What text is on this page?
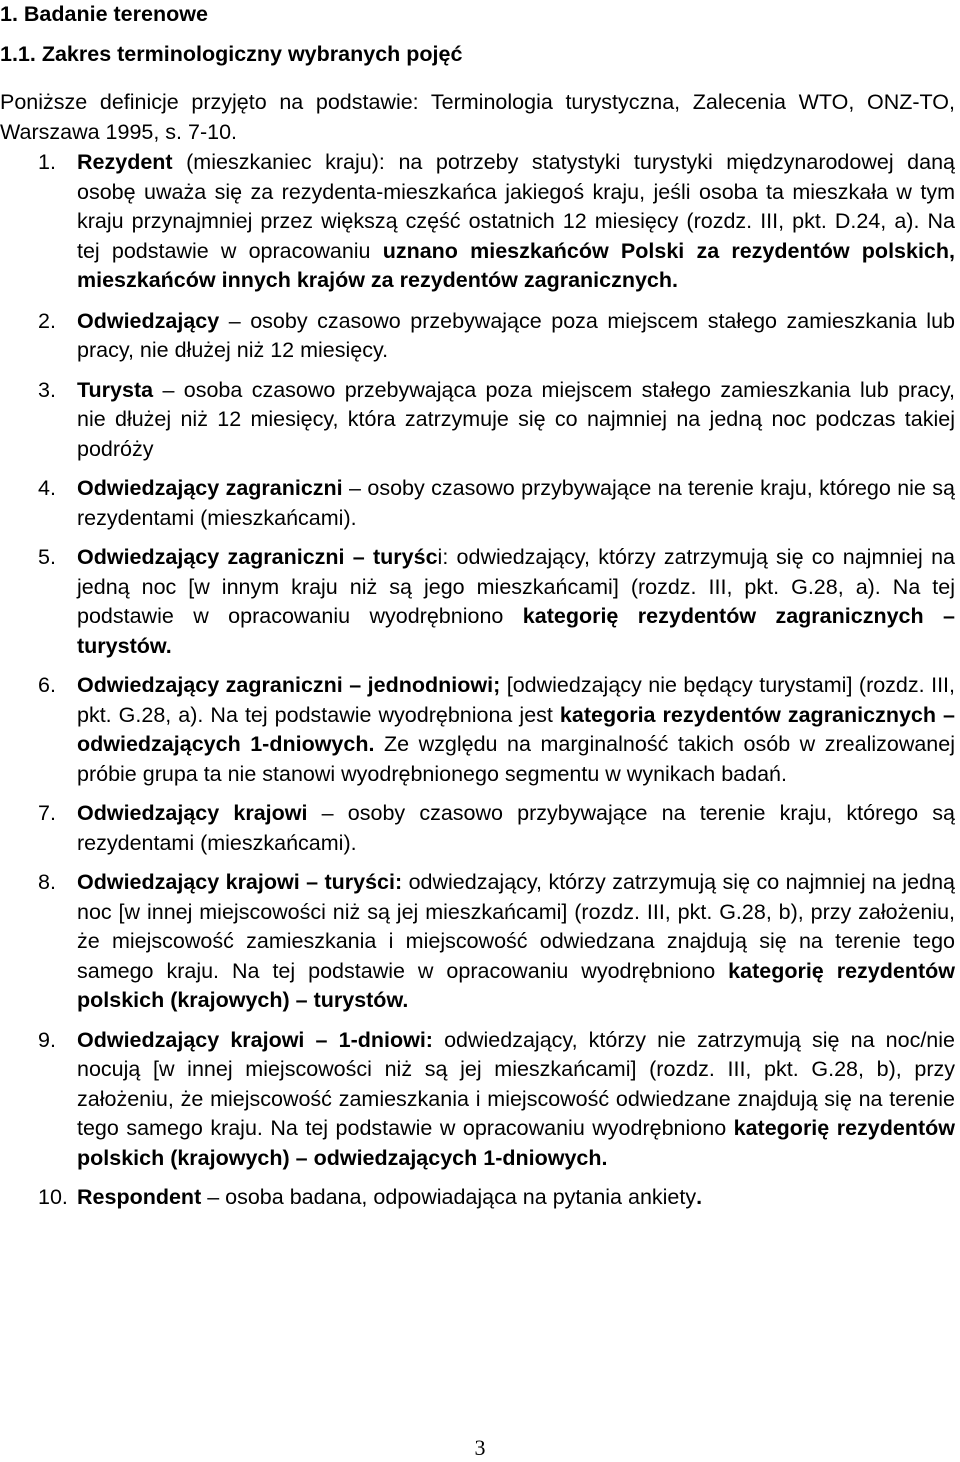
1. Badanie terenowe
1.1. Zakres terminologiczny wybranych pojęć

Poniższe definicje przyjęto na podstawie: Terminologia turystyczna, Zalecenia WTO, ONZ-TO, Warszawa 1995, s. 7-10.

1. Rezydent (mieszkaniec kraju): na potrzeby statystyki turystyki międzynarodowej daną osobę uważa się za rezydenta-mieszkańca jakiegoś kraju, jeśli osoba ta mieszkała w tym kraju przynajmniej przez większą część ostatnich 12 miesięcy (rozdz. III, pkt. D.24, a). Na tej podstawie w opracowaniu uznano mieszkańców Polski za rezydentów polskich, mieszkańców innych krajów za rezydentów zagranicznych.
2. Odwiedzający – osoby czasowo przebywające poza miejscem stałego zamieszkania lub pracy, nie dłużej niż 12 miesięcy.
3. Turysta – osoba czasowo przebywająca poza miejscem stałego zamieszkania lub pracy, nie dłużej niż 12 miesięcy, która zatrzymuje się co najmniej na jedną noc podczas takiej podróży
4. Odwiedzający zagraniczni – osoby czasowo przybywające na terenie kraju, którego nie są rezydentami (mieszkańcami).
5. Odwiedzający zagraniczni – turyści: odwiedzający, którzy zatrzymują się co najmniej na jedną noc [w innym kraju niż są jego mieszkańcami] (rozdz. III, pkt. G.28, a). Na tej podstawie w opracowaniu wyodrębniono kategorię rezydentów zagranicznych – turystów.
6. Odwiedzający zagraniczni – jednodniowi; [odwiedzający nie będący turystami] (rozdz. III, pkt. G.28, a). Na tej podstawie wyodrębniona jest kategoria rezydentów zagranicznych – odwiedzających 1-dniowych. Ze względu na marginalność takich osób w zrealizowanej próbie grupa ta nie stanowi wyodrębnionego segmentu w wynikach badań.
7. Odwiedzający krajowi – osoby czasowo przybywające na terenie kraju, którego są rezydentami (mieszkańcami).
8. Odwiedzający krajowi – turyści: odwiedzający, którzy zatrzymują się co najmniej na jedną noc [w innej miejscowości niż są jej mieszkańcami] (rozdz. III, pkt. G.28, b), przy założeniu, że miejscowość zamieszkania i miejscowość odwiedzana znajdują się na terenie tego samego kraju. Na tej podstawie w opracowaniu wyodrębniono kategorię rezydentów polskich (krajowych) – turystów.
9. Odwiedzający krajowi – 1-dniowi: odwiedzający, którzy nie zatrzymują się na noc/nie nocują [w innej miejscowości niż są jej mieszkańcami] (rozdz. III, pkt. G.28, b), przy założeniu, że miejscowość zamieszkania i miejscowość odwiedzane znajdują się na terenie tego samego kraju. Na tej podstawie w opracowaniu wyodrębniono kategorię rezydentów polskich (krajowych) – odwiedzających 1-dniowych.
10. Respondent – osoba badana, odpowiadająca na pytania ankiety.
3
